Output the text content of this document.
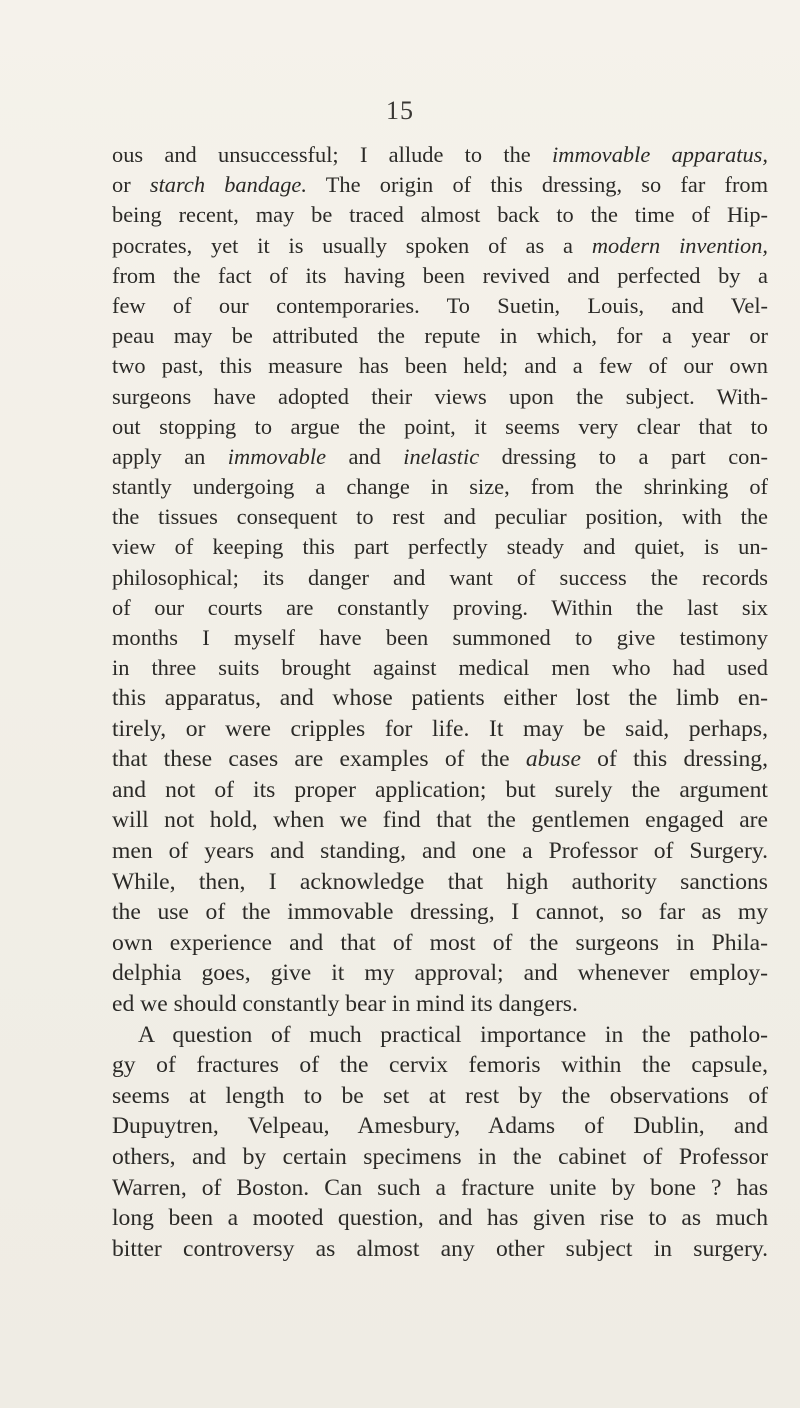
15
ous and unsuccessful; I allude to the immovable apparatus,
or starch bandage. The origin of this dressing, so far from
being recent, may be traced almost back to the time of Hip-
pocrates, yet it is usually spoken of as a modern invention,
from the fact of its having been revived and perfected by a
few of our contemporaries. To Suetin, Louis, and Vel-
peau may be attributed the repute in which, for a year or
two past, this measure has been held; and a few of our own
surgeons have adopted their views upon the subject. With-
out stopping to argue the point, it seems very clear that to
apply an immovable and inelastic dressing to a part con-
stantly undergoing a change in size, from the shrinking of
the tissues consequent to rest and peculiar position, with the
view of keeping this part perfectly steady and quiet, is un-
philosophical; its danger and want of success the records
of our courts are constantly proving. Within the last six
months I myself have been summoned to give testimony
in three suits brought against medical men who had used
this apparatus, and whose patients either lost the limb en-
tirely, or were cripples for life. It may be said, perhaps,
that these cases are examples of the abuse of this dressing,
and not of its proper application; but surely the argument
will not hold, when we find that the gentlemen engaged are
men of years and standing, and one a Professor of Surgery.
While, then, I acknowledge that high authority sanctions
the use of the immovable dressing, I cannot, so far as my
own experience and that of most of the surgeons in Phila-
delphia goes, give it my approval; and whenever employ-
ed we should constantly bear in mind its dangers.
A question of much practical importance in the patholo-
gy of fractures of the cervix femoris within the capsule,
seems at length to be set at rest by the observations of
Dupuytren, Velpeau, Amesbury, Adams of Dublin, and
others, and by certain specimens in the cabinet of Professor
Warren, of Boston. Can such a fracture unite by bone ? has
long been a mooted question, and has given rise to as much
bitter controversy as almost any other subject in surgery.
